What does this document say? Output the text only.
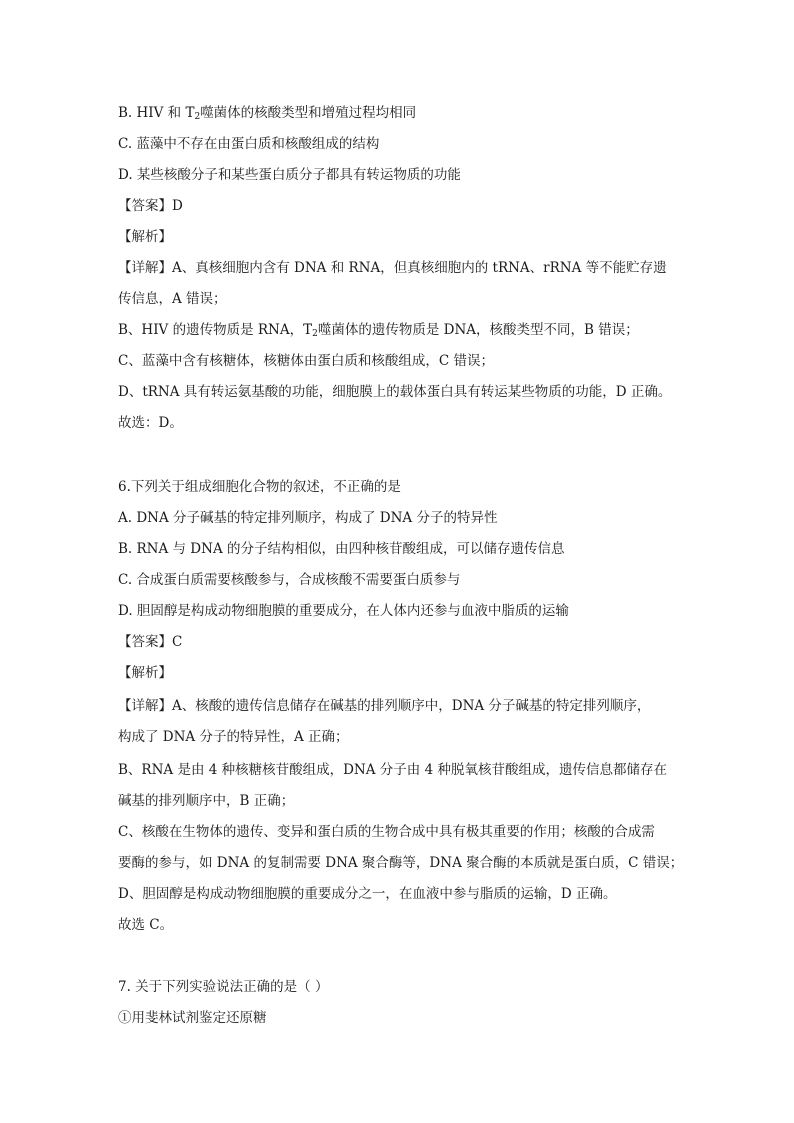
B. HIV 和 $T_2$噬菌体的核酸类型和增殖过程均相同
C. 蓝藻中不存在由蛋白质和核酸组成的结构
D. 某些核酸分子和某些蛋白质分子都具有转运物质的功能
【答案】D
【解析】
【详解】A、真核细胞内含有 DNA 和 RNA，但真核细胞内的 tRNA、rRNA 等不能贮存遗
传信息，A 错误；
B、HIV 的遗传物质是 RNA，$T_2$噬菌体的遗传物质是 DNA，核酸类型不同，B 错误；
C、蓝藻中含有核糖体，核糖体由蛋白质和核酸组成，C 错误；
D、tRNA 具有转运氨基酸的功能，细胞膜上的载体蛋白具有转运某些物质的功能，D 正确。
故选：D。
6.下列关于组成细胞化合物的叙述，不正确的是
A. DNA 分子碱基的特定排列顺序，构成了 DNA 分子的特异性
B. RNA 与 DNA 的分子结构相似，由四种核苷酸组成，可以储存遗传信息
C. 合成蛋白质需要核酸参与，合成核酸不需要蛋白质参与
D. 胆固醇是构成动物细胞膜的重要成分，在人体内还参与血液中脂质的运输
【答案】C
【解析】
【详解】A、核酸的遗传信息储存在碱基的排列顺序中，DNA 分子碱基的特定排列顺序，
构成了 DNA 分子的特异性，A 正确；
B、RNA 是由 4 种核糖核苷酸组成，DNA 分子由 4 种脱氧核苷酸组成，遗传信息都储存在
碱基的排列顺序中，B 正确；
C、核酸在生物体的遗传、变异和蛋白质的生物合成中具有极其重要的作用；核酸的合成需
要酶的参与，如 DNA 的复制需要 DNA 聚合酶等，DNA 聚合酶的本质就是蛋白质，C 错误；
D、胆固醇是构成动物细胞膜的重要成分之一，在血液中参与脂质的运输，D 正确。
故选 C。
7. 关于下列实验说法正确的是（ ）
①用斐林试剂鉴定还原糖
